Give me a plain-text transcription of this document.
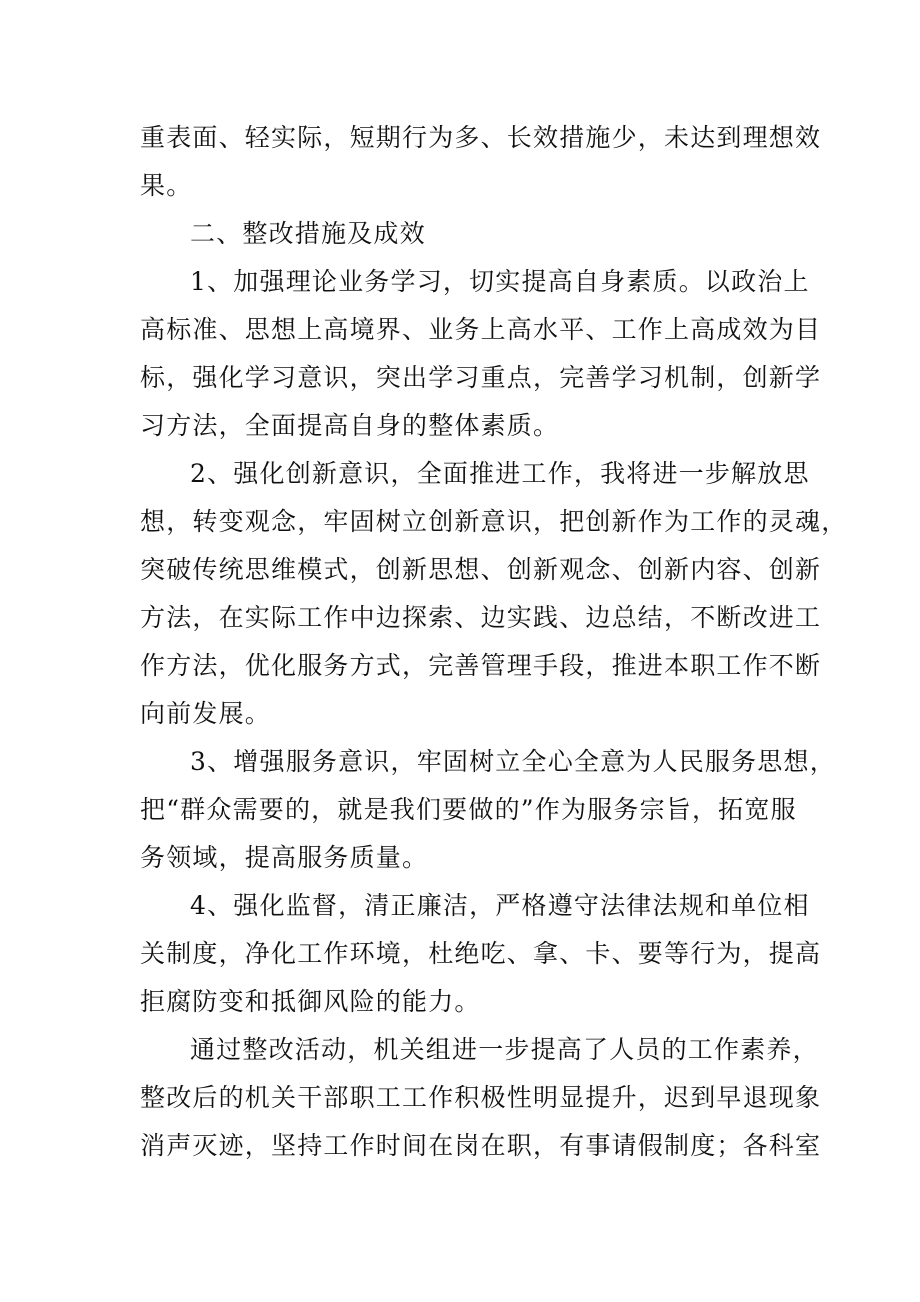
重表面、轻实际，短期行为多、长效措施少，未达到理想效
果。
二、整改措施及成效
1、加强理论业务学习，切实提高自身素质。以政治上
高标准、思想上高境界、业务上高水平、工作上高成效为目
标，强化学习意识，突出学习重点，完善学习机制，创新学
习方法，全面提高自身的整体素质。
2、强化创新意识，全面推进工作，我将进一步解放思
想，转变观念，牢固树立创新意识，把创新作为工作的灵魂，
突破传统思维模式，创新思想、创新观念、创新内容、创新
方法，在实际工作中边探索、边实践、边总结，不断改进工
作方法，优化服务方式，完善管理手段，推进本职工作不断
向前发展。
3、增强服务意识，牢固树立全心全意为人民服务思想，
把“群众需要的，就是我们要做的”作为服务宗旨，拓宽服
务领域，提高服务质量。
4、强化监督，清正廉洁，严格遵守法律法规和单位相
关制度，净化工作环境，杜绝吃、拿、卡、要等行为，提高
拒腐防变和抵御风险的能力。
通过整改活动，机关组进一步提高了人员的工作素养，
整改后的机关干部职工工作积极性明显提升，迟到早退现象
消声灭迹，坚持工作时间在岗在职，有事请假制度；各科室
